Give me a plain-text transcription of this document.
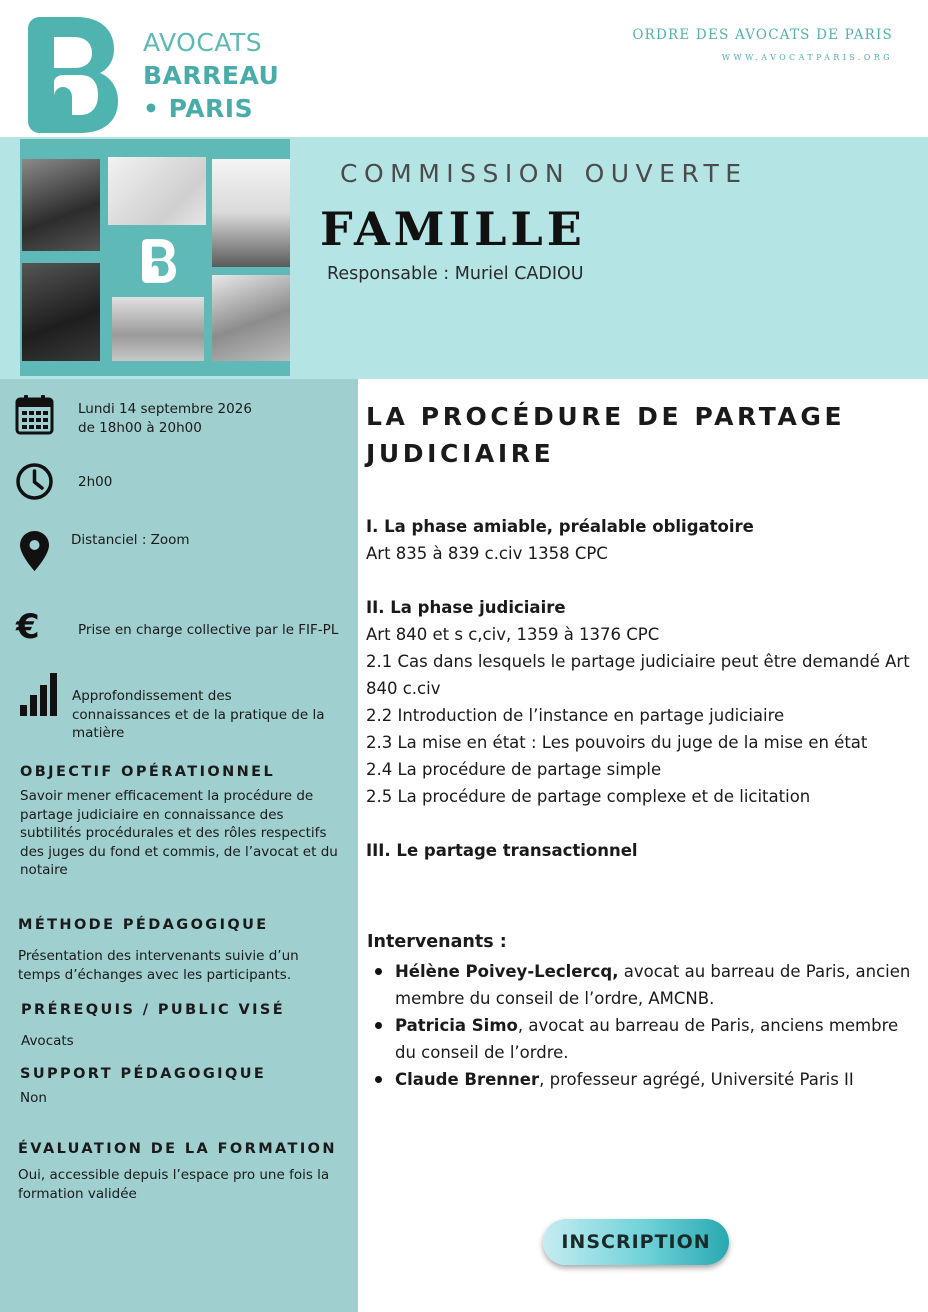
AVOCATS
BARREAU
• PARIS
ORDRE DES AVOCATS DE PARIS
WWW.AVOCATPARIS.ORG
COMMISSION OUVERTE
FAMILLE
Responsable : Muriel CADIOU
Lundi 14 septembre 2026
de 18h00 à 20h00
2h00
Distanciel : Zoom
€	Prise en charge collective par le FIF-PL
Approfondissement des connaissances et de la pratique de la matière
OBJECTIF OPÉRATIONNEL
Savoir mener efficacement la procédure de partage judiciaire en connaissance des subtilités procédurales et des rôles respectifs des juges du fond et commis, de l’avocat et du notaire
MÉTHODE PÉDAGOGIQUE
Présentation des intervenants suivie d’un temps d’échanges avec les participants.
PRÉREQUIS / PUBLIC VISÉ
Avocats
SUPPORT PÉDAGOGIQUE
Non
ÉVALUATION DE LA FORMATION
Oui, accessible depuis l’espace pro une fois la formation validée
LA PROCÉDURE DE PARTAGE
JUDICIAIRE
I. La phase amiable, préalable obligatoire
Art 835 à 839 c.civ 1358 CPC
II. La phase judiciaire
Art 840 et s c,civ, 1359 à 1376 CPC
2.1 Cas dans lesquels le partage judiciaire peut être demandé Art
840 c.civ
2.2 Introduction de l’instance en partage judiciaire
2.3 La mise en état : Les pouvoirs du juge de la mise en état
2.4 La procédure de partage simple
2.5 La procédure de partage complexe et de licitation
III. Le partage transactionnel
Intervenants :
Hélène Poivey-Leclercq, avocat au barreau de Paris, ancien membre du conseil de l’ordre, AMCNB.
Patricia Simo, avocat au barreau de Paris, anciens membre du conseil de l’ordre.
Claude Brenner, professeur agrégé, Université Paris II
INSCRIPTION
